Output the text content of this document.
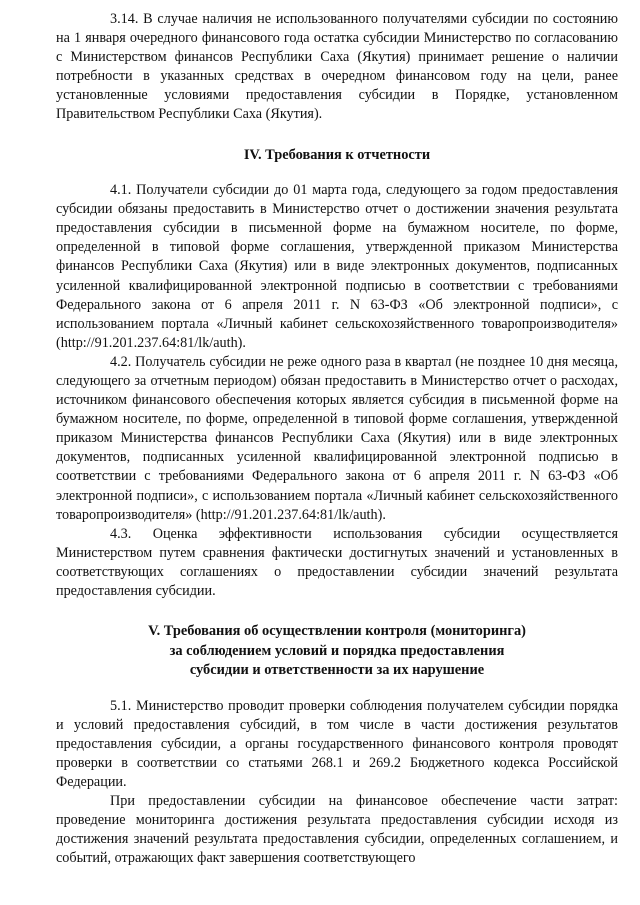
3.14. В случае наличия не использованного получателями субсидии по состоянию на 1 января очередного финансового года остатка субсидии Министерство по согласованию с Министерством финансов Республики Саха (Якутия) принимает решение о наличии потребности в указанных средствах в очередном финансовом году на цели, ранее установленные условиями предоставления субсидии в Порядке, установленном Правительством Республики Саха (Якутия).

IV. Требования к отчетности

4.1. Получатели субсидии до 01 марта года, следующего за годом предоставления субсидии обязаны предоставить в Министерство отчет о достижении значения результата предоставления субсидии в письменной форме на бумажном носителе, по форме, определенной в типовой форме соглашения, утвержденной приказом Министерства финансов Республики Саха (Якутия) или в виде электронных документов, подписанных усиленной квалифицированной электронной подписью в соответствии с требованиями Федерального закона от 6 апреля 2011 г. N 63-ФЗ «Об электронной подписи», с использованием портала «Личный кабинет сельскохозяйственного товаропроизводителя» (http://91.201.237.64:81/lk/auth).

4.2. Получатель субсидии не реже одного раза в квартал (не позднее 10 дня месяца, следующего за отчетным периодом) обязан предоставить в Министерство отчет о расходах, источником финансового обеспечения которых является субсидия в письменной форме на бумажном носителе, по форме, определенной в типовой форме соглашения, утвержденной приказом Министерства финансов Республики Саха (Якутия) или в виде электронных документов, подписанных усиленной квалифицированной электронной подписью в соответствии с требованиями Федерального закона от 6 апреля 2011 г. N 63-ФЗ «Об электронной подписи», с использованием портала «Личный кабинет сельскохозяйственного товаропроизводителя» (http://91.201.237.64:81/lk/auth).

4.3. Оценка эффективности использования субсидии осуществляется Министерством путем сравнения фактически достигнутых значений и установленных в соответствующих соглашениях о предоставлении субсидии значений результата предоставления субсидии.

V. Требования об осуществлении контроля (мониторинга)

за соблюдением условий и порядка предоставления

субсидии и ответственности за их нарушение

5.1. Министерство проводит проверки соблюдения получателем субсидии порядка и условий предоставления субсидий, в том числе в части достижения результатов предоставления субсидии, а органы государственного финансового контроля проводят проверки в соответствии со статьями 268.1 и 269.2 Бюджетного кодекса Российской Федерации.

При предоставлении субсидии на финансовое обеспечение части затрат: проведение мониторинга достижения результата предоставления субсидии исходя из достижения значений результата предоставления субсидии, определенных соглашением, и событий, отражающих факт завершения соответствующего
